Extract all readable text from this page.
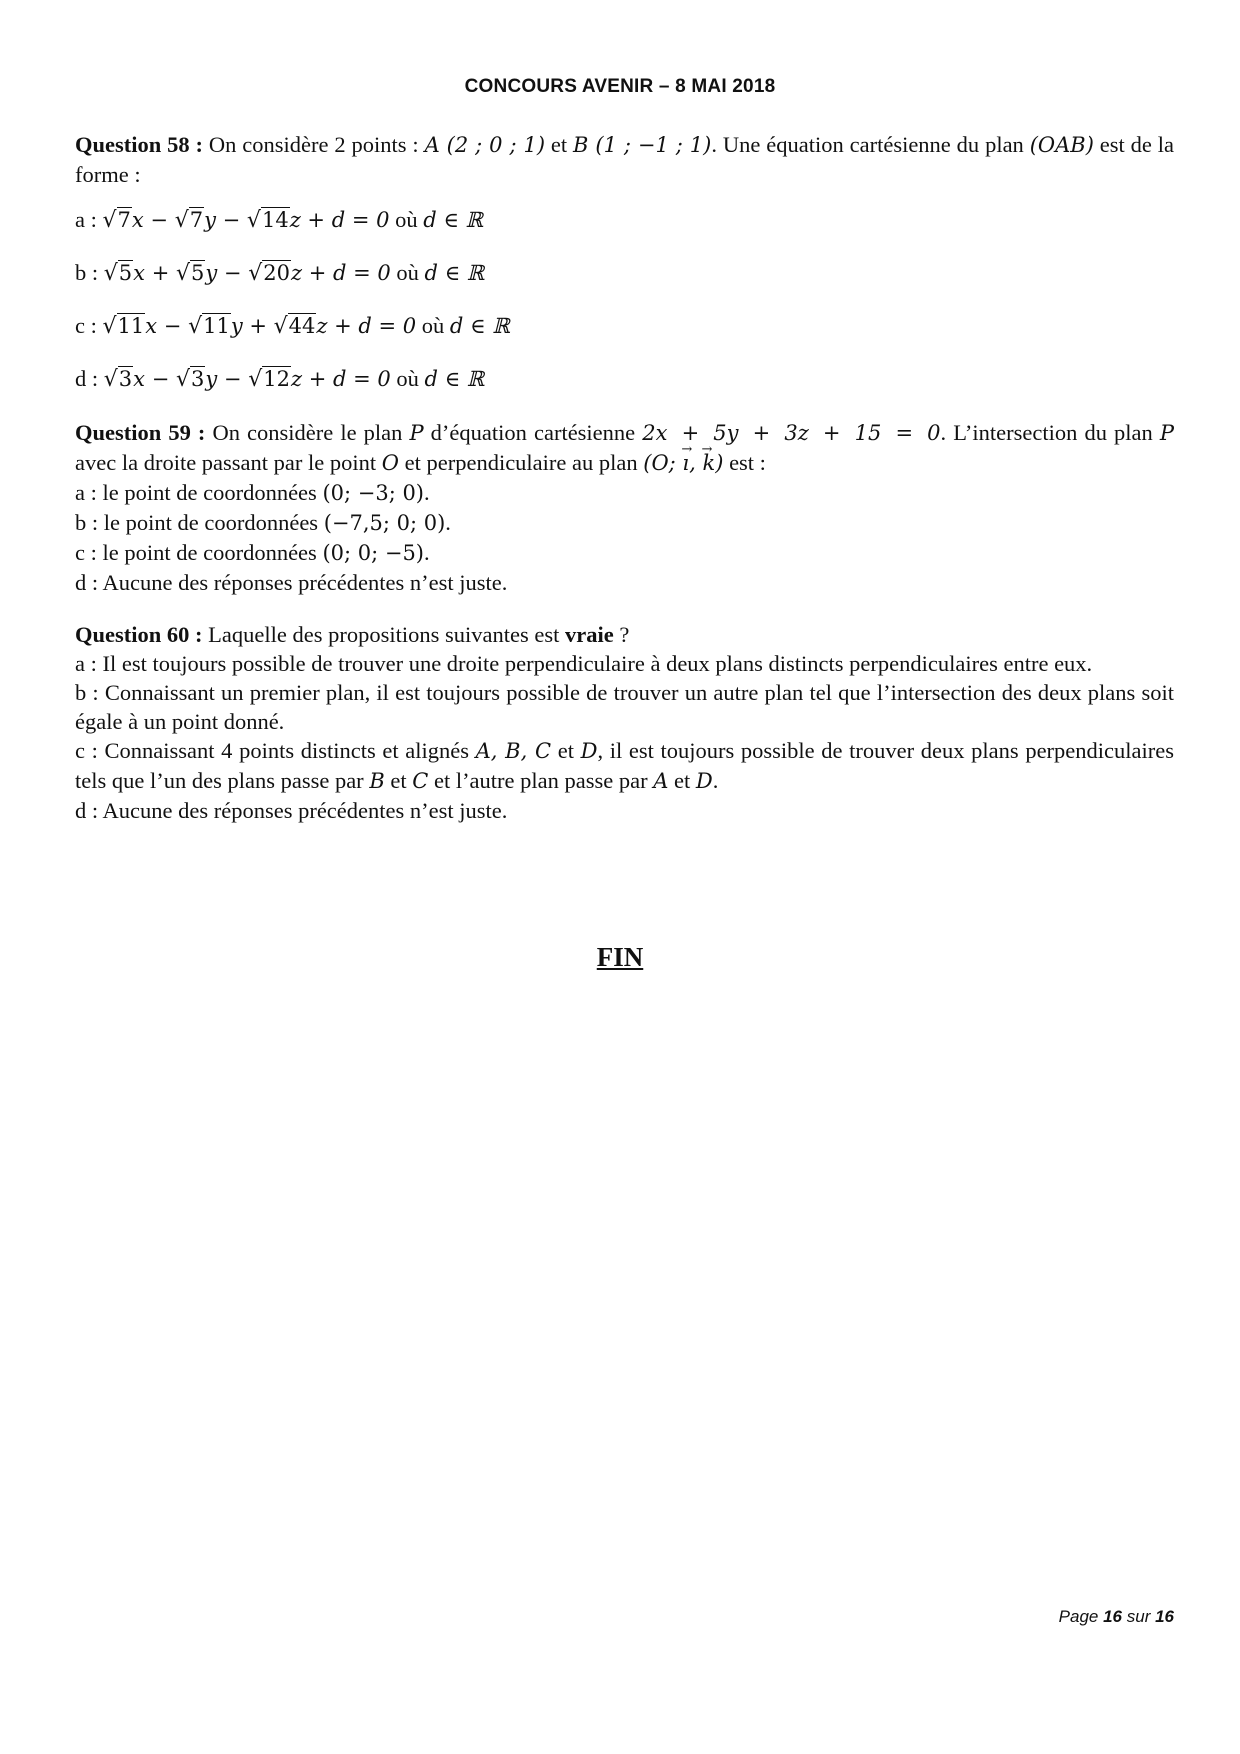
CONCOURS AVENIR – 8 MAI 2018

Question 58 : On considère 2 points : A (2 ; 0 ; 1) et B (1 ; −1 ; 1). Une équation cartésienne du plan (OAB) est de la forme :

a : √7x − √7y − √14z + d = 0 où d ∈ ℝ

b : √5x + √5y − √20z + d = 0 où d ∈ ℝ

c : √11x − √11y + √44z + d = 0 où d ∈ ℝ

d : √3x − √3y − √12z + d = 0 où d ∈ ℝ

Question 59 : On considère le plan P d’équation cartésienne 2x + 5y + 3z + 15 = 0. L’intersection du plan P avec la droite passant par le point O et perpendiculaire au plan (O; → ı, → k) est :

a : le point de coordonnées (0; −3; 0).

b : le point de coordonnées (−7,5; 0; 0).

c : le point de coordonnées (0; 0; −5).

d : Aucune des réponses précédentes n’est juste.

Question 60 : Laquelle des propositions suivantes est vraie ?

a : Il est toujours possible de trouver une droite perpendiculaire à deux plans distincts perpendiculaires entre eux.

b : Connaissant un premier plan, il est toujours possible de trouver un autre plan tel que l’intersection des deux plans soit égale à un point donné.

c : Connaissant 4 points distincts et alignés A, B, C et D, il est toujours possible de trouver deux plans perpendiculaires tels que l’un des plans passe par B et C et l’autre plan passe par A et D.

d : Aucune des réponses précédentes n’est juste.

FIN
Page 16 sur 16
